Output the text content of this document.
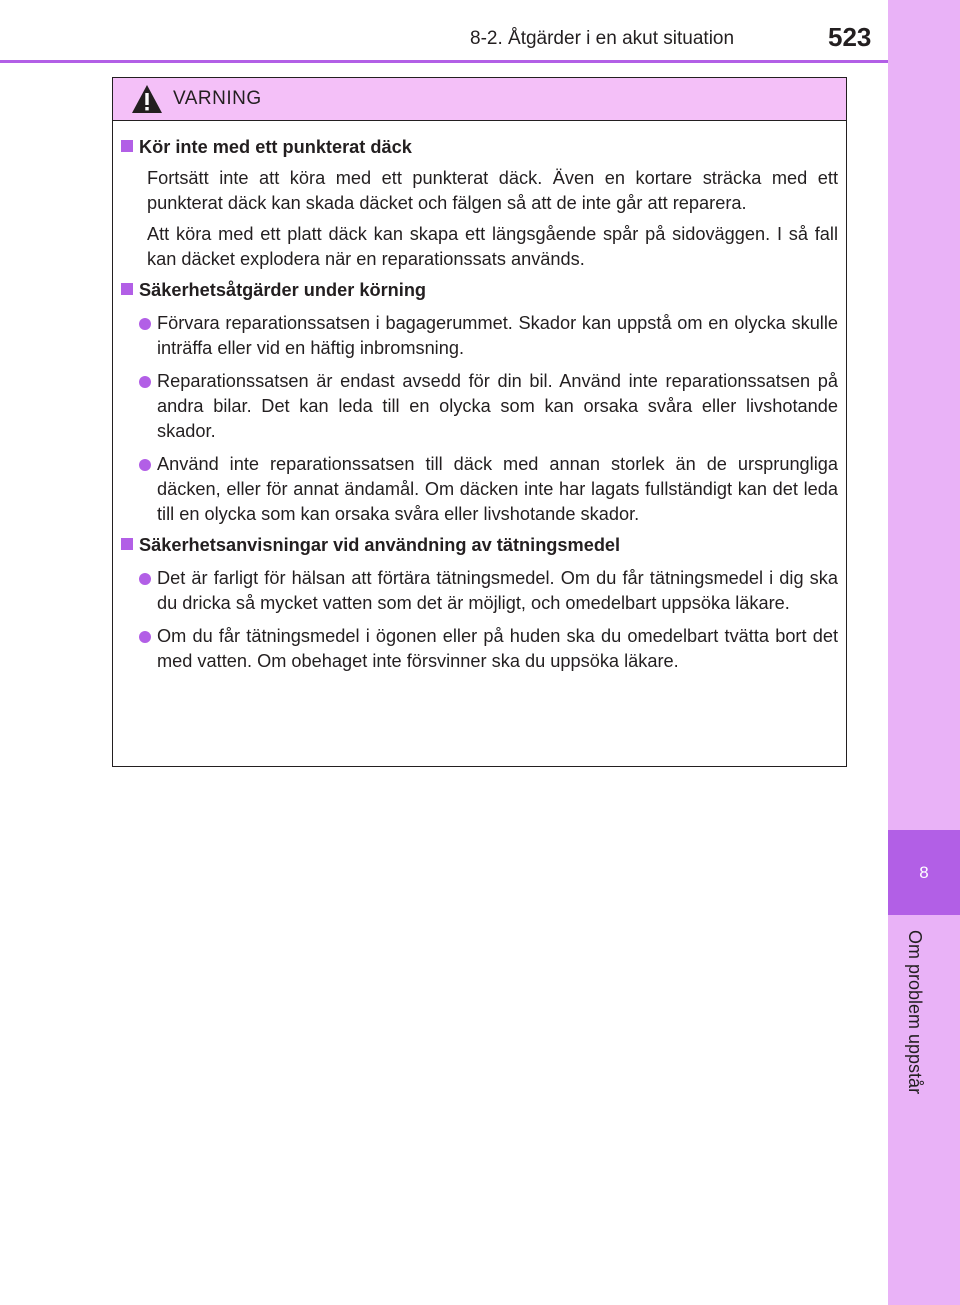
8-2. Åtgärder i en akut situation	523
8
Om problem uppstår
VARNING
Kör inte med ett punkterat däck
Fortsätt inte att köra med ett punkterat däck. Även en kortare sträcka med ett punkterat däck kan skada däcket och fälgen så att de inte går att reparera.
Att köra med ett platt däck kan skapa ett längsgående spår på sidoväggen. I så fall kan däcket explodera när en reparationssats används.
Säkerhetsåtgärder under körning
Förvara reparationssatsen i bagagerummet. Skador kan uppstå om en olycka skulle inträffa eller vid en häftig inbromsning.
Reparationssatsen är endast avsedd för din bil. Använd inte reparationssatsen på andra bilar. Det kan leda till en olycka som kan orsaka svåra eller livshotande skador.
Använd inte reparationssatsen till däck med annan storlek än de ursprungliga däcken, eller för annat ändamål. Om däcken inte har lagats fullständigt kan det leda till en olycka som kan orsaka svåra eller livshotande skador.
Säkerhetsanvisningar vid användning av tätningsmedel
Det är farligt för hälsan att förtära tätningsmedel. Om du får tätningsmedel i dig ska du dricka så mycket vatten som det är möjligt, och omedelbart uppsöka läkare.
Om du får tätningsmedel i ögonen eller på huden ska du omedelbart tvätta bort det med vatten. Om obehaget inte försvinner ska du uppsöka läkare.
